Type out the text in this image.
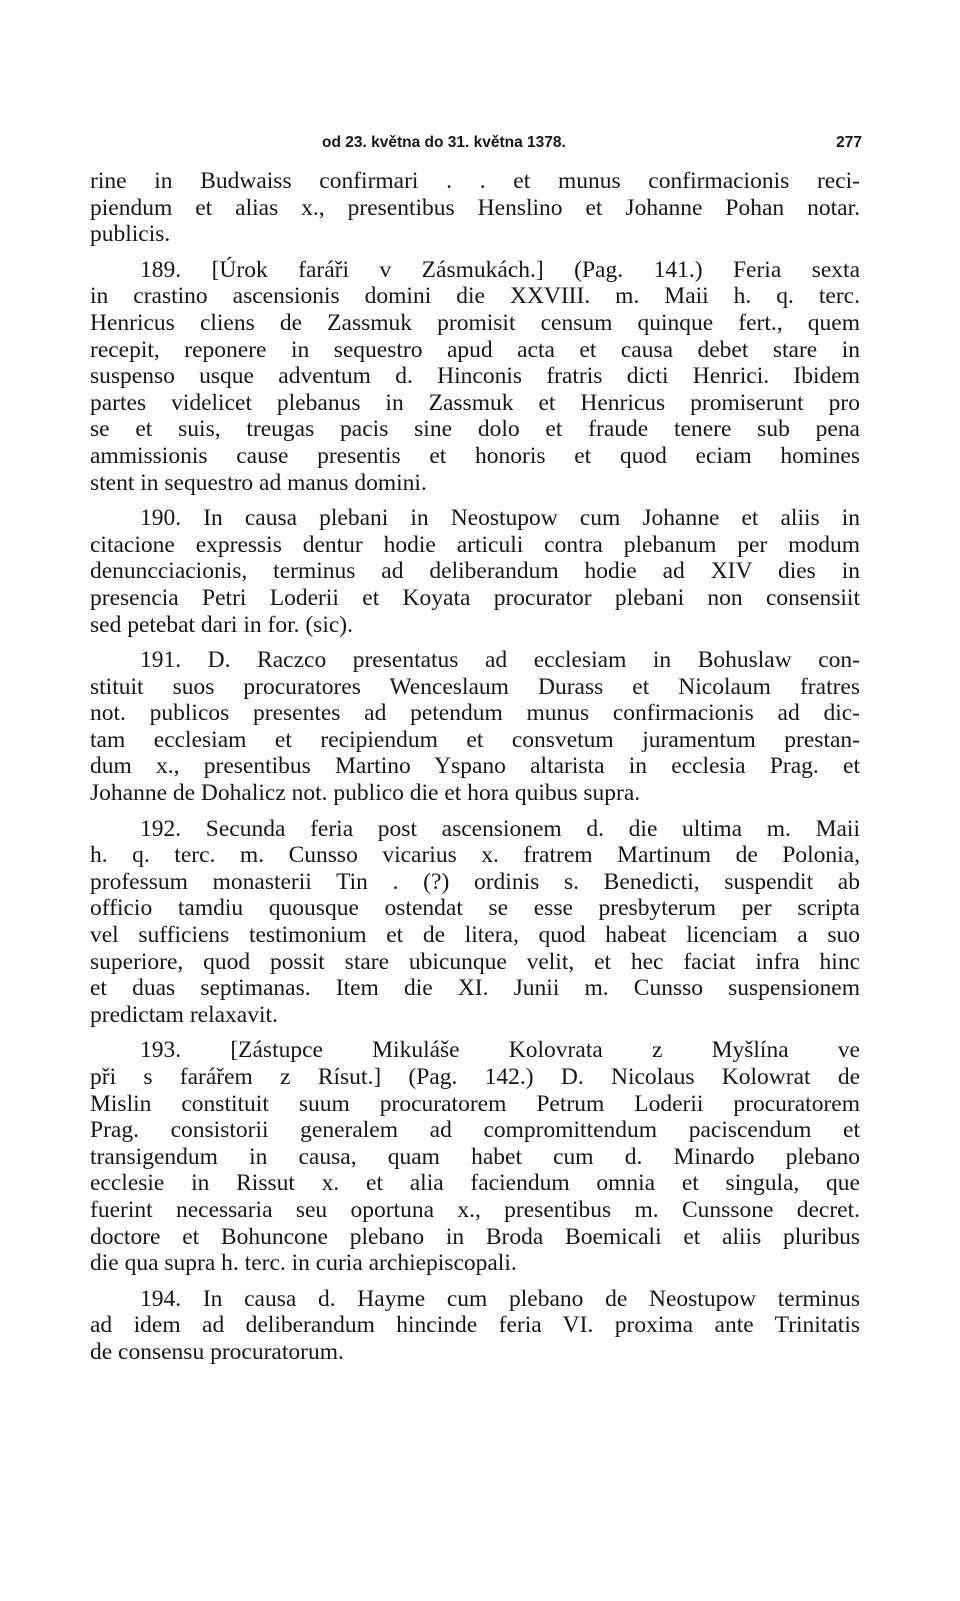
od 23. května do 31. května 1378.	277
rine in Budwaiss confirmari . . et munus confirmacionis reci-
piendum et alias x., presentibus Henslino et Johanne Pohan notar.
publicis.
189. [Úrok faráři v Zásmukách.] (Pag. 141.) Feria sexta
in crastino ascensionis domini die XXVIII. m. Maii h. q. terc.
Henricus cliens de Zassmuk promisit censum quinque fert., quem
recepit, reponere in sequestro apud acta et causa debet stare in
suspenso usque adventum d. Hinconis fratris dicti Henrici. Ibidem
partes videlicet plebanus in Zassmuk et Henricus promiserunt pro
se et suis, treugas pacis sine dolo et fraude tenere sub pena
ammissionis cause presentis et honoris et quod eciam homines
stent in sequestro ad manus domini.
190. In causa plebani in Neostupow cum Johanne et aliis in
citacione expressis dentur hodie articuli contra plebanum per modum
denuncciacionis, terminus ad deliberandum hodie ad XIV dies in
presencia Petri Loderii et Koyata procurator plebani non consensiit
sed petebat dari in for. (sic).
191. D. Raczco presentatus ad ecclesiam in Bohuslaw con-
stituit suos procuratores Wenceslaum Durass et Nicolaum fratres
not. publicos presentes ad petendum munus confirmacionis ad dic-
tam ecclesiam et recipiendum et consvetum juramentum prestan-
dum x., presentibus Martino Yspano altarista in ecclesia Prag. et
Johanne de Dohalicz not. publico die et hora quibus supra.
192. Secunda feria post ascensionem d. die ultima m. Maii
h. q. terc. m. Cunsso vicarius x. fratrem Martinum de Polonia,
professum monasterii Tin . (?) ordinis s. Benedicti, suspendit ab
officio tamdiu quousque ostendat se esse presbyterum per scripta
vel sufficiens testimonium et de litera, quod habeat licenciam a suo
superiore, quod possit stare ubicunque velit, et hec faciat infra hinc
et duas septimanas. Item die XI. Junii m. Cunsso suspensionem
predictam relaxavit.
193. [Zástupce Mikuláše Kolovrata z Myšlína ve
při s farářem z Rísut.] (Pag. 142.) D. Nicolaus Kolowrat de
Mislin constituit suum procuratorem Petrum Loderii procuratorem
Prag. consistorii generalem ad compromittendum paciscendum et
transigendum in causa, quam habet cum d. Minardo plebano
ecclesie in Rissut x. et alia faciendum omnia et singula, que
fuerint necessaria seu oportuna x., presentibus m. Cunssone decret.
doctore et Bohuncone plebano in Broda Boemicali et aliis pluribus
die qua supra h. terc. in curia archiepiscopali.
194. In causa d. Hayme cum plebano de Neostupow terminus
ad idem ad deliberandum hincinde feria VI. proxima ante Trinitatis
de consensu procuratorum.
